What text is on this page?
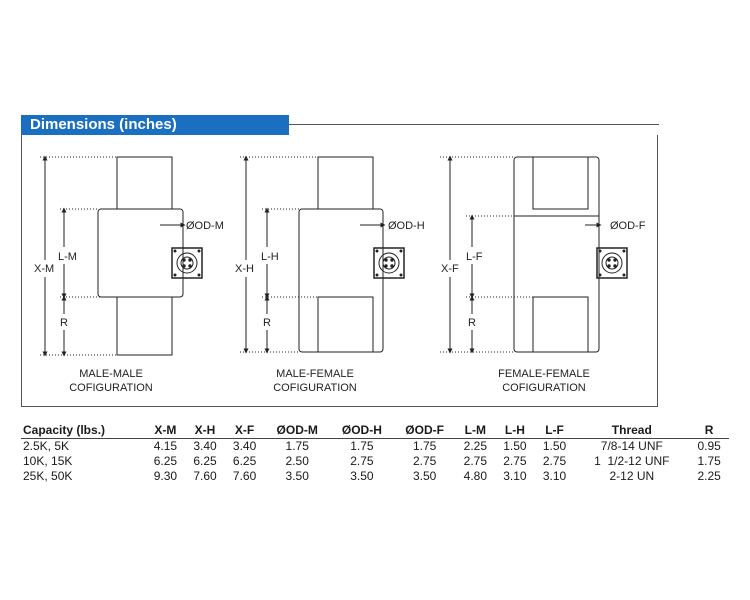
Dimensions (inches)
X-M
L-M
R
ØOD-M
MALE-MALE
COFIGURATION
X-H
L-H
R
ØOD-H
MALE-FEMALE
COFIGURATION
X-F
L-F
R
ØOD-F
FEMALE-FEMALE
COFIGURATION
Capacity (lbs.)	X-M	X-H	X-F	ØOD-M	ØOD-H	ØOD-F	L-M	L-H	L-F	Thread	R
2.5K, 5K	4.15	3.40	3.40	1.75	1.75	1.75	2.25	1.50	1.50	7/8-14 UNF	0.95
10K, 15K	6.25	6.25	6.25	2.50	2.75	2.75	2.75	2.75	2.75	1  1/2-12 UNF	1.75
25K, 50K	9.30	7.60	7.60	3.50	3.50	3.50	4.80	3.10	3.10	2-12 UN	2.25
